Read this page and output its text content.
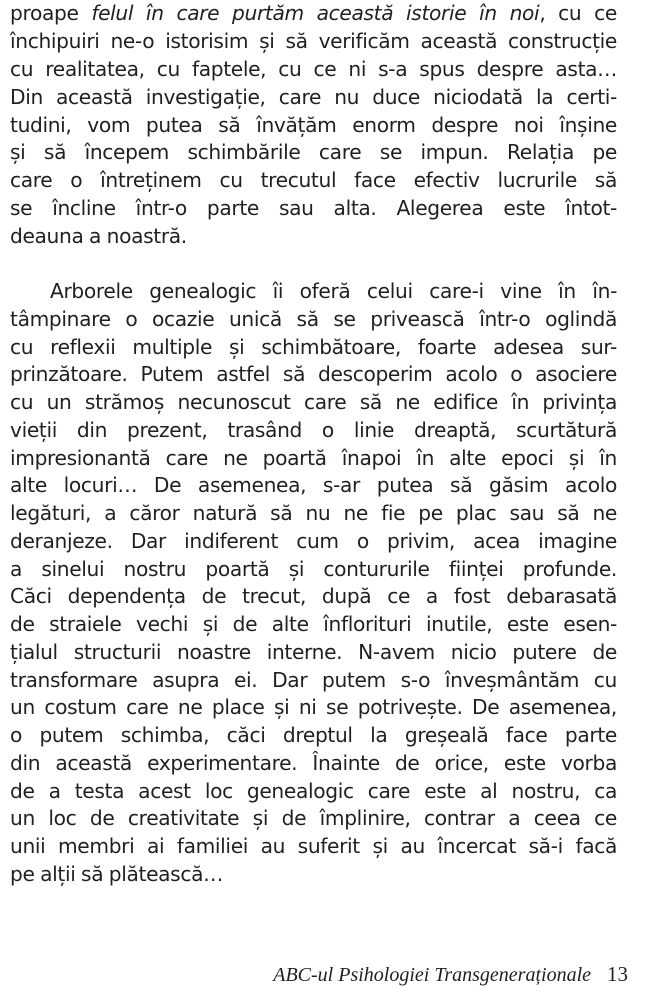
proape felul în care purtăm această istorie în noi, cu ce
închipuiri ne-o istorisim și să verificăm această construcție
cu realitatea, cu faptele, cu ce ni s-a spus despre asta…
Din această investigație, care nu duce niciodată la certi-
tudini, vom putea să învățăm enorm despre noi înșine
și să începem schimbările care se impun. Relația pe
care o întreținem cu trecutul face efectiv lucrurile să
se încline într-o parte sau alta. Alegerea este întot-
deauna a noastră.
Arborele genealogic îi oferă celui care-i vine în în-
tâmpinare o ocazie unică să se privească într-o oglindă
cu reflexii multiple și schimbătoare, foarte adesea sur-
prinzătoare. Putem astfel să descoperim acolo o asociere
cu un strămoș necunoscut care să ne edifice în privința
vieții din prezent, trasând o linie dreaptă, scurtătură
impresionantă care ne poartă înapoi în alte epoci și în
alte locuri… De asemenea, s-ar putea să găsim acolo
legături, a căror natură să nu ne fie pe plac sau să ne
deranjeze. Dar indiferent cum o privim, acea imagine
a sinelui nostru poartă și contururile ființei profunde.
Căci dependența de trecut, după ce a fost debarasată
de straiele vechi și de alte înflorituri inutile, este esen-
țialul structurii noastre interne. N-avem nicio putere de
transformare asupra ei. Dar putem s-o înveșmântăm cu
un costum care ne place și ni se potrivește. De asemenea,
o putem schimba, căci dreptul la greșeală face parte
din această experimentare. Înainte de orice, este vorba
de a testa acest loc genealogic care este al nostru, ca
un loc de creativitate și de împlinire, contrar a ceea ce
unii membri ai familiei au suferit și au încercat să-i facă
pe alții să plătească…
ABC-ul Psihologiei Transgeneraționale 13
